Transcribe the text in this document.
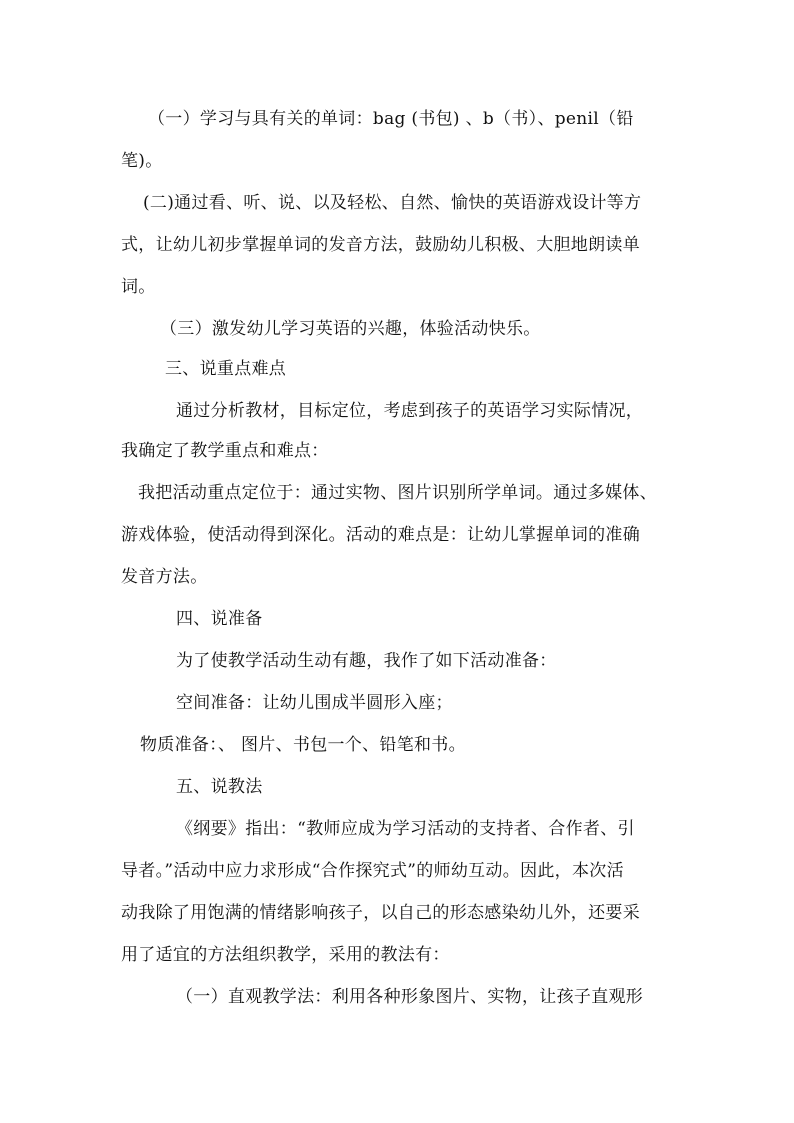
（一）学习与具有关的单词：bag (书包) 、b（书）、penil（铅
笔)。
(二)通过看、听、说、以及轻松、自然、愉快的英语游戏设计等方
式，让幼儿初步掌握单词的发音方法，鼓励幼儿积极、大胆地朗读单
词。
（三）激发幼儿学习英语的兴趣，体验活动快乐。
三、说重点难点
通过分析教材，目标定位，考虑到孩子的英语学习实际情况，
我确定了教学重点和难点：
我把活动重点定位于：通过实物、图片识别所学单词。通过多媒体、
游戏体验，使活动得到深化。活动的难点是：让幼儿掌握单词的准确
发音方法。
四、说准备
为了使教学活动生动有趣，我作了如下活动准备：
空间准备：让幼儿围成半圆形入座；
物质准备：、 图片、书包一个、铅笔和书。
五、说教法
《纲要》指出：“教师应成为学习活动的支持者、合作者、引
导者。”活动中应力求形成“合作探究式”的师幼互动。因此，本次活
动我除了用饱满的情绪影响孩子，以自己的形态感染幼儿外，还要采
用了适宜的方法组织教学，采用的教法有：
（一）直观教学法：利用各种形象图片、实物，让孩子直观形
